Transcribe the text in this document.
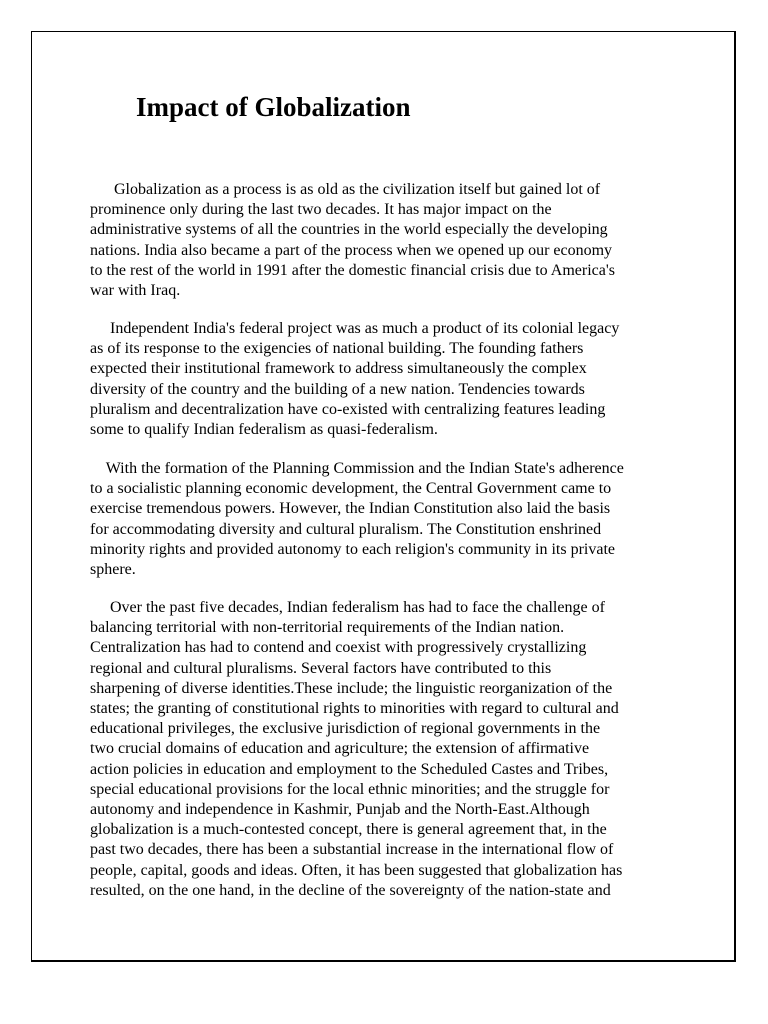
Impact of Globalization
Globalization as a process is as old as the civilization itself but gained lot of
prominence only during the last two decades. It has major impact on the
administrative systems of all the countries in the world especially the developing
nations. India also became a part of the process when we opened up our economy
to the rest of the world in 1991 after the domestic financial crisis due to America's
war with Iraq.
Independent India's federal project was as much a product of its colonial legacy
as of its response to the exigencies of national building. The founding fathers
expected their institutional framework to address simultaneously the complex
diversity of the country and the building of a new nation. Tendencies towards
pluralism and decentralization have co-existed with centralizing features leading
some to qualify Indian federalism as quasi-federalism.
With the formation of the Planning Commission and the Indian State's adherence
to a socialistic planning economic development, the Central Government came to
exercise tremendous powers. However, the Indian Constitution also laid the basis
for accommodating diversity and cultural pluralism. The Constitution enshrined
minority rights and provided autonomy to each religion's community in its private
sphere.
Over the past five decades, Indian federalism has had to face the challenge of
balancing territorial with non-territorial requirements of the Indian nation.
Centralization has had to contend and coexist with progressively crystallizing
regional and cultural pluralisms. Several factors have contributed to this
sharpening of diverse identities.These include; the linguistic reorganization of the
states; the granting of constitutional rights to minorities with regard to cultural and
educational privileges, the exclusive jurisdiction of regional governments in the
two crucial domains of education and agriculture; the extension of affirmative
action policies in education and employment to the Scheduled Castes and Tribes,
special educational provisions for the local ethnic minorities; and the struggle for
autonomy and independence in Kashmir, Punjab and the North-East.Although
globalization is a much-contested concept, there is general agreement that, in the
past two decades, there has been a substantial increase in the international flow of
people, capital, goods and ideas. Often, it has been suggested that globalization has
resulted, on the one hand, in the decline of the sovereignty of the nation-state and
